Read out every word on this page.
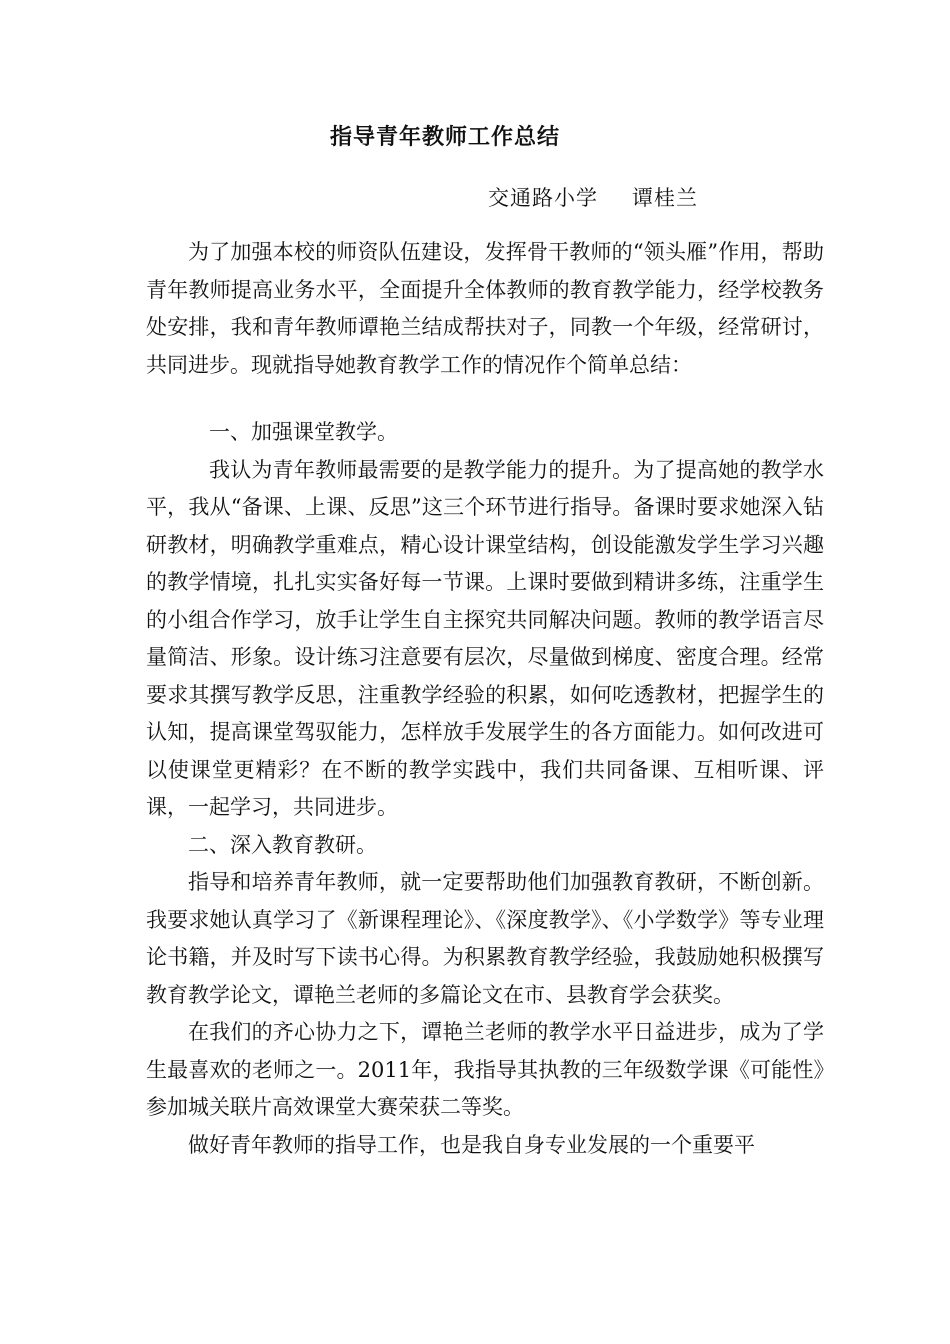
指导青年教师工作总结
交通路小学 谭桂兰

为了加强本校的师资队伍建设，发挥骨干教师的“领头雁”作用，帮助青年教师提高业务水平，全面提升全体教师的教育教学能力，经学校教务处安排，我和青年教师谭艳兰结成帮扶对子，同教一个年级，经常研讨，共同进步。现就指导她教育教学工作的情况作个简单总结：

一、加强课堂教学。

我认为青年教师最需要的是教学能力的提升。为了提高她的教学水平，我从“备课、上课、反思”这三个环节进行指导。备课时要求她深入钻研教材，明确教学重难点，精心设计课堂结构，创设能激发学生学习兴趣的教学情境，扎扎实实备好每一节课。上课时要做到精讲多练，注重学生的小组合作学习，放手让学生自主探究共同解决问题。教师的教学语言尽量简洁、形象。设计练习注意要有层次，尽量做到梯度、密度合理。经常要求其撰写教学反思，注重教学经验的积累，如何吃透教材，把握学生的认知，提高课堂驾驭能力，怎样放手发展学生的各方面能力。如何改进可以使课堂更精彩？在不断的教学实践中，我们共同备课、互相听课、评课，一起学习，共同进步。

二、深入教育教研。

指导和培养青年教师，就一定要帮助他们加强教育教研，不断创新。我要求她认真学习了《新课程理论》、《深度教学》、《小学数学》等专业理论书籍，并及时写下读书心得。为积累教育教学经验，我鼓励她积极撰写教育教学论文，谭艳兰老师的多篇论文在市、县教育学会获奖。

在我们的齐心协力之下，谭艳兰老师的教学水平日益进步，成为了学生最喜欢的老师之一。2011年，我指导其执教的三年级数学课《可能性》参加城关联片高效课堂大赛荣获二等奖。

做好青年教师的指导工作，也是我自身专业发展的一个重要平
